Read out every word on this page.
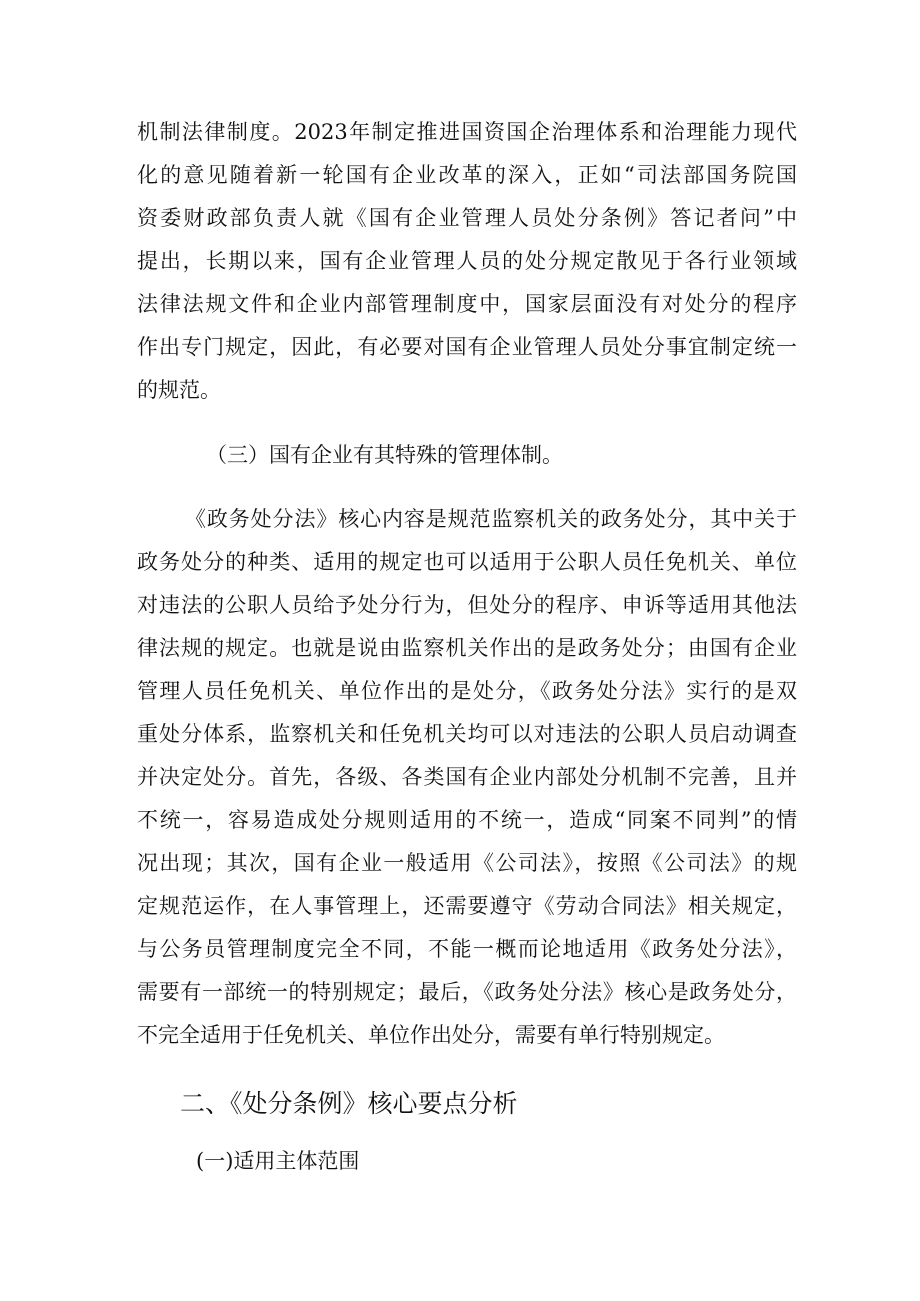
机制法律制度。2023年制定推进国资国企治理体系和治理能力现代
化的意见随着新一轮国有企业改革的深入，正如“司法部国务院国
资委财政部负责人就《国有企业管理人员处分条例》答记者问”中
提出，长期以来，国有企业管理人员的处分规定散见于各行业领域
法律法规文件和企业内部管理制度中，国家层面没有对处分的程序
作出专门规定，因此，有必要对国有企业管理人员处分事宜制定统一
的规范。
（三）国有企业有其特殊的管理体制。
《政务处分法》核心内容是规范监察机关的政务处分，其中关于
政务处分的种类、适用的规定也可以适用于公职人员任免机关、单位
对违法的公职人员给予处分行为，但处分的程序、申诉等适用其他法
律法规的规定。也就是说由监察机关作出的是政务处分；由国有企业
管理人员任免机关、单位作出的是处分，《政务处分法》实行的是双
重处分体系，监察机关和任免机关均可以对违法的公职人员启动调查
并决定处分。首先，各级、各类国有企业内部处分机制不完善，且并
不统一，容易造成处分规则适用的不统一，造成“同案不同判”的情
况出现；其次，国有企业一般适用《公司法》，按照《公司法》的规
定规范运作，在人事管理上，还需要遵守《劳动合同法》相关规定，
与公务员管理制度完全不同，不能一概而论地适用《政务处分法》，
需要有一部统一的特别规定；最后，《政务处分法》核心是政务处分，
不完全适用于任免机关、单位作出处分，需要有单行特别规定。
二、《处分条例》核心要点分析
(一)适用主体范围
